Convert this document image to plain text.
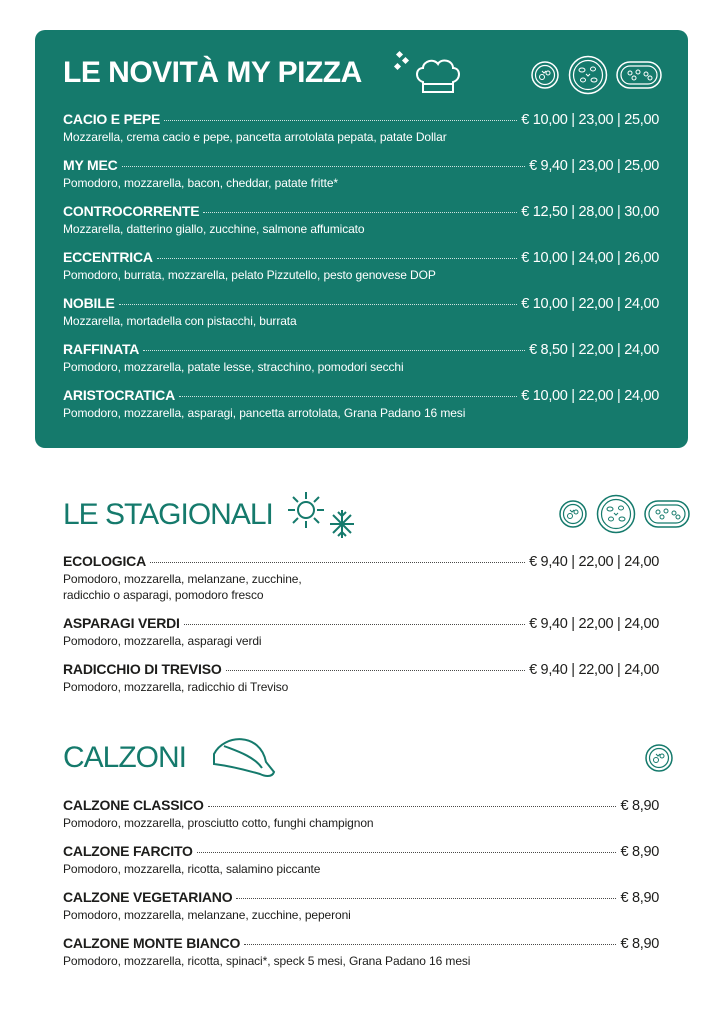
LE NOVITÀ MY PIZZA
CACIO E PEPE	€ 10,00 | 23,00 | 25,00
Mozzarella, crema cacio e pepe, pancetta arrotolata pepata, patate Dollar
MY MEC	€ 9,40 | 23,00 | 25,00
Pomodoro, mozzarella, bacon, cheddar, patate fritte*
CONTROCORRENTE	€ 12,50 | 28,00 | 30,00
Mozzarella, datterino giallo, zucchine, salmone affumicato
ECCENTRICA	€ 10,00 | 24,00 | 26,00
Pomodoro, burrata, mozzarella, pelato Pizzutello, pesto genovese DOP
NOBILE	€ 10,00 | 22,00 | 24,00
Mozzarella, mortadella con pistacchi, burrata
RAFFINATA	€ 8,50 | 22,00 | 24,00
Pomodoro, mozzarella, patate lesse, stracchino, pomodori secchi
ARISTOCRATICA	€ 10,00 | 22,00 | 24,00
Pomodoro, mozzarella, asparagi, pancetta arrotolata, Grana Padano 16 mesi
LE STAGIONALI
ECOLOGICA	€ 9,40 | 22,00 | 24,00
Pomodoro, mozzarella, melanzane, zucchine,
radicchio o asparagi, pomodoro fresco
ASPARAGI VERDI	€ 9,40 | 22,00 | 24,00
Pomodoro, mozzarella, asparagi verdi
RADICCHIO DI TREVISO	€ 9,40 | 22,00 | 24,00
Pomodoro, mozzarella, radicchio di Treviso
CALZONI
CALZONE CLASSICO	€ 8,90
Pomodoro, mozzarella, prosciutto cotto, funghi champignon
CALZONE FARCITO	€ 8,90
Pomodoro, mozzarella, ricotta, salamino piccante
CALZONE VEGETARIANO	€ 8,90
Pomodoro, mozzarella, melanzane, zucchine, peperoni
CALZONE MONTE BIANCO	€ 8,90
Pomodoro, mozzarella, ricotta, spinaci*, speck 5 mesi, Grana Padano 16 mesi
